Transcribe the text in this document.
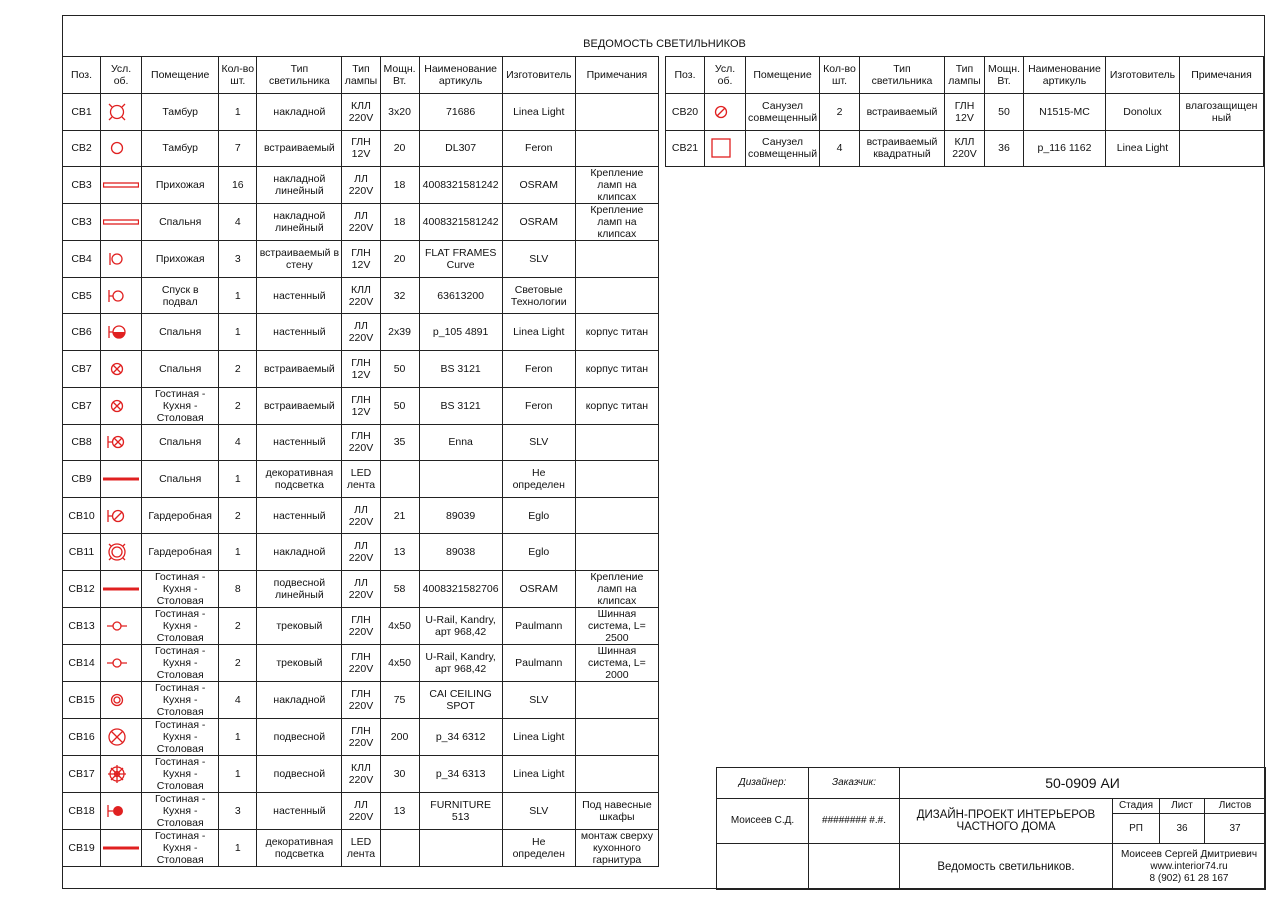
ВЕДОМОСТЬ СВЕТИЛЬНИКОВ
Поз.	Усл. об.	Помещение	Кол-во шт.	Тип светильника	Тип лампы	Мощн. Вт.	Наименование артикуль	Изготовитель	Примечания
СВ1		Тамбур	1	накладной	КЛЛ 220V	3x20	71686	Linea Light	
СВ2		Тамбур	7	встраиваемый	ГЛН 12V	20	DL307	Feron	
СВ3		Прихожая	16	накладной линейный	ЛЛ 220V	18	4008321581242	OSRAM	Крепление ламп на клипсах
СВ3		Спальня	4	накладной линейный	ЛЛ 220V	18	4008321581242	OSRAM	Крепление ламп на клипсах
СВ4		Прихожая	3	встраиваемый в стену	ГЛН 12V	20	FLAT FRAMES Curve	SLV	
СВ5		Спуск в подвал	1	настенный	КЛЛ 220V	32	63613200	Световые Технологии	
СВ6		Спальня	1	настенный	ЛЛ 220V	2x39	p_105 4891	Linea Light	корпус титан
СВ7		Спальня	2	встраиваемый	ГЛН 12V	50	BS 3121	Feron	корпус титан
СВ7		Гостиная - Кухня - Столовая	2	встраиваемый	ГЛН 12V	50	BS 3121	Feron	корпус титан
СВ8		Спальня	4	настенный	ГЛН 220V	35	Enna	SLV	
СВ9		Спальня	1	декоративная подсветка	LED лента			Не определен	
СВ10		Гардеробная	2	настенный	ЛЛ 220V	21	89039	Eglo	
СВ11		Гардеробная	1	накладной	ЛЛ 220V	13	89038	Eglo	
СВ12		Гостиная - Кухня - Столовая	8	подвесной линейный	ЛЛ 220V	58	4008321582706	OSRAM	Крепление ламп на клипсах
СВ13		Гостиная - Кухня - Столовая	2	трековый	ГЛН 220V	4x50	U-Rail, Kandry, арт 968,42	Paulmann	Шинная система, L= 2500
СВ14		Гостиная - Кухня - Столовая	2	трековый	ГЛН 220V	4x50	U-Rail, Kandry, арт 968,42	Paulmann	Шинная система, L= 2000
СВ15		Гостиная - Кухня - Столовая	4	накладной	ГЛН 220V	75	CAI CEILING SPOT	SLV	
СВ16		Гостиная - Кухня - Столовая	1	подвесной	ГЛН 220V	200	p_34 6312	Linea Light	
СВ17		Гостиная - Кухня - Столовая	1	подвесной	КЛЛ 220V	30	p_34 6313	Linea Light	
СВ18		Гостиная - Кухня - Столовая	3	настенный	ЛЛ 220V	13	FURNITURE 513	SLV	Под навесные шкафы
СВ19		Гостиная - Кухня - Столовая	1	декоративная подсветка	LED лента			Не определен	монтаж сверху кухонного гарнитура
Поз.	Усл. об.	Помещение	Кол-во шт.	Тип светильника	Тип лампы	Мощн. Вт.	Наименование артикуль	Изготовитель	Примечания
СВ20		Санузел совмещенный	2	встраиваемый	ГЛН 12V	50	N1515-MC	Donolux	влагозащищен ный
СВ21		Санузел совмещенный	4	встраиваемый квадратный	КЛЛ 220V	36	p_116 1162	Linea Light	
Дизайнер:	Заказчик:	50-0909 АИ			
Моисеев С.Д.	######## #.#.	ДИЗАЙН-ПРОЕКТ ИНТЕРЬЕРОВ ЧАСТНОГО ДОМА	Стадия	Лист	Листов
			РП	36	37
		Ведомость светильников.	Моисеев Сергей Дмитриевич
www.interior74.ru
8 (902) 61 28 167		
